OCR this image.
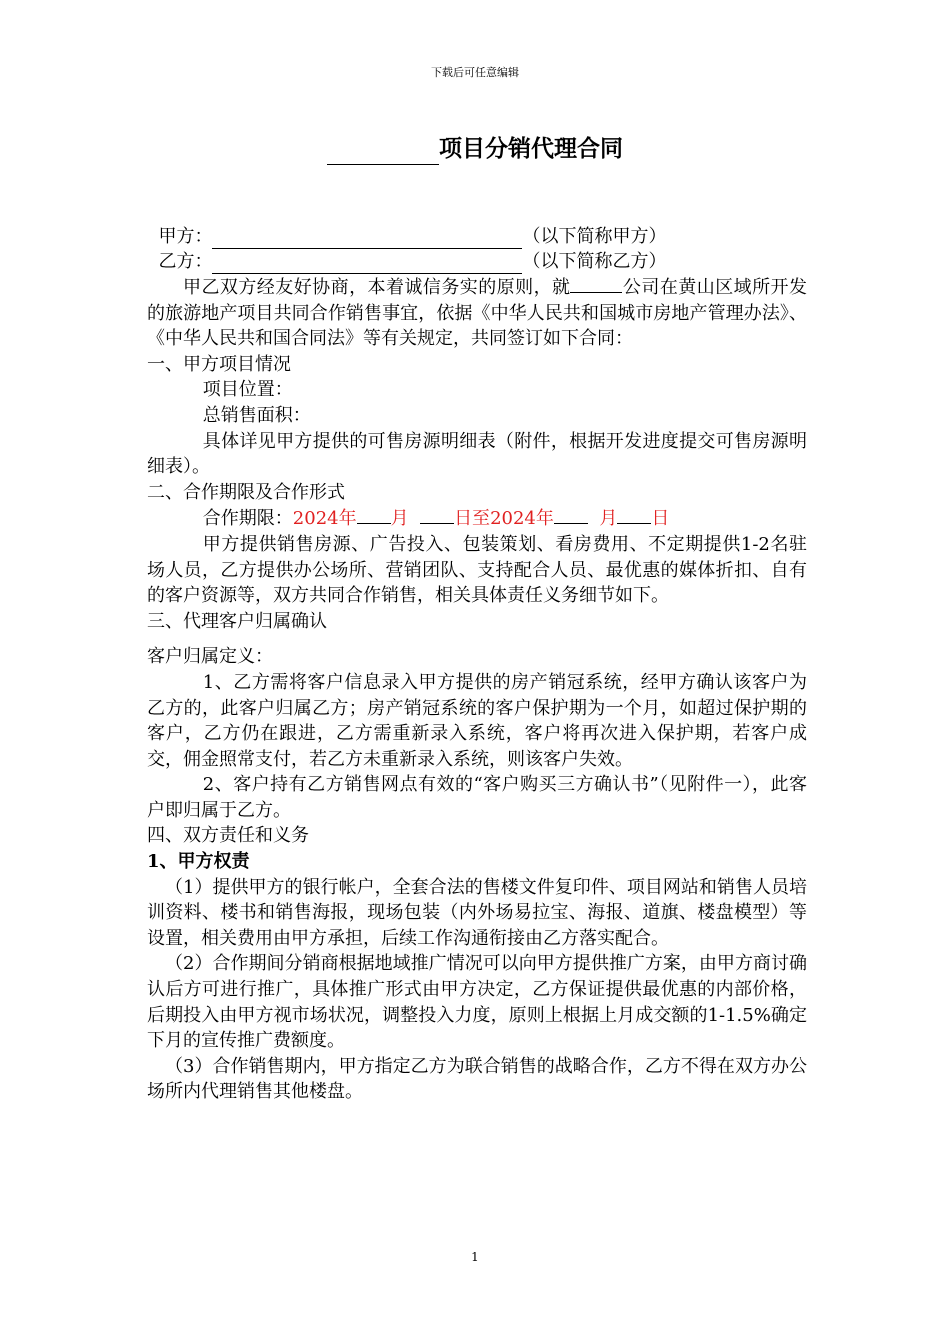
下载后可任意编辑
项目分销代理合同

甲方：	（以下简称甲方）

乙方：	（以下简称乙方）

甲乙双方经友好协商，本着诚信务实的原则，就	公司在黄山区域所开发的旅游地产项目共同合作销售事宜，依据《中华人民共和国城市房地产管理办法》、《中华人民共和国合同法》等有关规定，共同签订如下合同：

一、甲方项目情况

项目位置：

总销售面积：

具体详见甲方提供的可售房源明细表（附件，根据开发进度提交可售房源明细表）。

二、合作期限及合作形式

合作期限：2024年 月	日至2024年	月 日

甲方提供销售房源、广告投入、包装策划、看房费用、不定期提供1-2名驻场人员，乙方提供办公场所、营销团队、支持配合人员、最优惠的媒体折扣、自有的客户资源等，双方共同合作销售，相关具体责任义务细节如下。

三、代理客户归属确认

客户归属定义：

1、乙方需将客户信息录入甲方提供的房产销冠系统，经甲方确认该客户为乙方的，此客户归属乙方；房产销冠系统的客户保护期为一个月，如超过保护期的客户，乙方仍在跟进，乙方需重新录入系统，客户将再次进入保护期，若客户成交，佣金照常支付，若乙方未重新录入系统，则该客户失效。

2、客户持有乙方销售网点有效的“客户购买三方确认书”（见附件一），此客户即归属于乙方。

四、双方责任和义务

1、甲方权责

（1）提供甲方的银行帐户，全套合法的售楼文件复印件、项目网站和销售人员培训资料、楼书和销售海报，现场包装（内外场易拉宝、海报、道旗、楼盘模型）等设置，相关费用由甲方承担，后续工作沟通衔接由乙方落实配合。

（2）合作期间分销商根据地域推广情况可以向甲方提供推广方案，由甲方商讨确认后方可进行推广，具体推广形式由甲方决定，乙方保证提供最优惠的内部价格，后期投入由甲方视市场状况，调整投入力度，原则上根据上月成交额的1-1.5%确定下月的宣传推广费额度。

（3）合作销售期内，甲方指定乙方为联合销售的战略合作，乙方不得在双方办公场所内代理销售其他楼盘。

1
